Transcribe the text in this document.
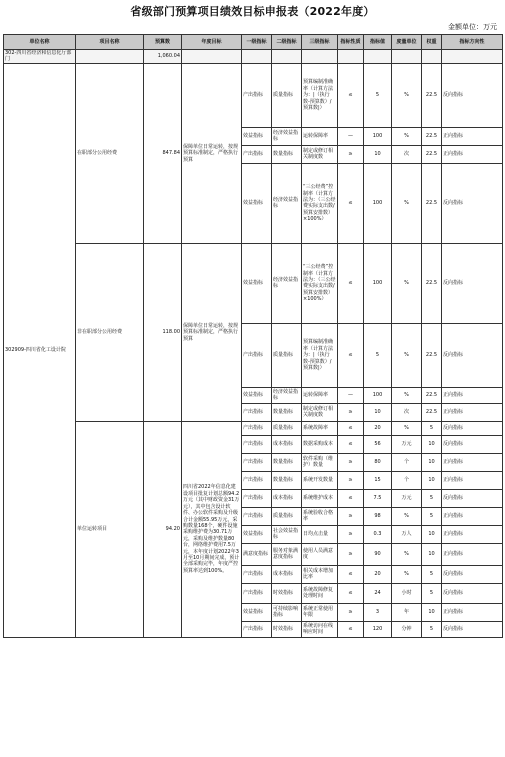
省级部门预算项目绩效目标申报表（2022年度）
金额单位：万元
单位名称	项目名称	预算数	年度目标	一级指标	二级指标	三级指标	指标性质	指标值	度量单位	权重	指标方向性
302-四川省经济和信息化厅部门		1,060.04									
302909-四川省化工设计院	在职部分公用经费	847.84	保障单位日常运转，按规预算标准制定，严格执行预算	产出指标	质量指标	预算编制准确率（计算方法为：|（执行数-预算数）/预算数|）	≤	5	%	22.5	反向指标
				效益指标	经济效益指标	运转保障率	—	100	%	22.5	正向指标
				产出指标	数量指标	制定或修订相关制度数	≥	10	次	22.5	正向指标
				效益指标	经济效益指标	“三公经费”控制率（计算方法为：（三公经费实际支出数/预算安排数）×100%）	≤	100	%	22.5	反向指标
	非在职部分公用经费	118.00	保障单位日常运转，按规预算标准制定，严格执行预算	效益指标	经济效益指标	“三公经费”控制率（计算方法为：（三公经费实际支出数/预算安排数）×100%）	≤	100	%	22.5	反向指标
				产出指标	质量指标	预算编制准确率（计算方法为：|（执行数-预算数）/预算数|）	≤	5	%	22.5	反向指标
				效益指标	经济效益指标	运转保障率	—	100	%	22.5	正向指标
				产出指标	数量指标	制定或修订相关制度数	≥	10	次	22.5	正向指标
	单位运转项目	94.20	四川省2022年信息化建设项目批复计划总额94.2万元（其中财政资金31万元），其中包含设计软件、办公软件采购及升级合计金额55.95万元，采购数量168个，硬件设施采购维护费为30.71万元，采购及维护数量80台，网络维护费用7.5万元，本年度计划2022年3月至10月期间完成，预计全部采购完毕，年度严控预算率达到100%。	产出指标	质量指标	系统故障率	≤	20	%	5	反向指标
				产出指标	成本指标	数据采购成本	≤	56	万元	10	反向指标
				产出指标	数量指标	软件采购（维护）数量	≥	80	个	10	正向指标
				产出指标	数量指标	系统开发数量	≥	15	个	10	正向指标
				产出指标	成本指标	系统维护成本	≤	7.5	万元	5	反向指标
				产出指标	质量指标	系统验收合格率	≥	98	%	5	正向指标
				效益指标	社会效益指标	日均点击量	≥	0.3	万人	10	正向指标
				满意度指标	服务对象满意度指标	使用人员满意度	≥	90	%	10	正向指标
				产出指标	成本指标	相关成本增加比率	≤	20	%	5	反向指标
				产出指标	时效指标	系统故障修复处理时间	≤	24	小时	5	反向指标
				效益指标	可持续影响指标	系统正常使用年限	≥	3	年	10	正向指标
				产出指标	时效指标	系统访问在线响应时间	≤	120	分钟	5	反向指标
